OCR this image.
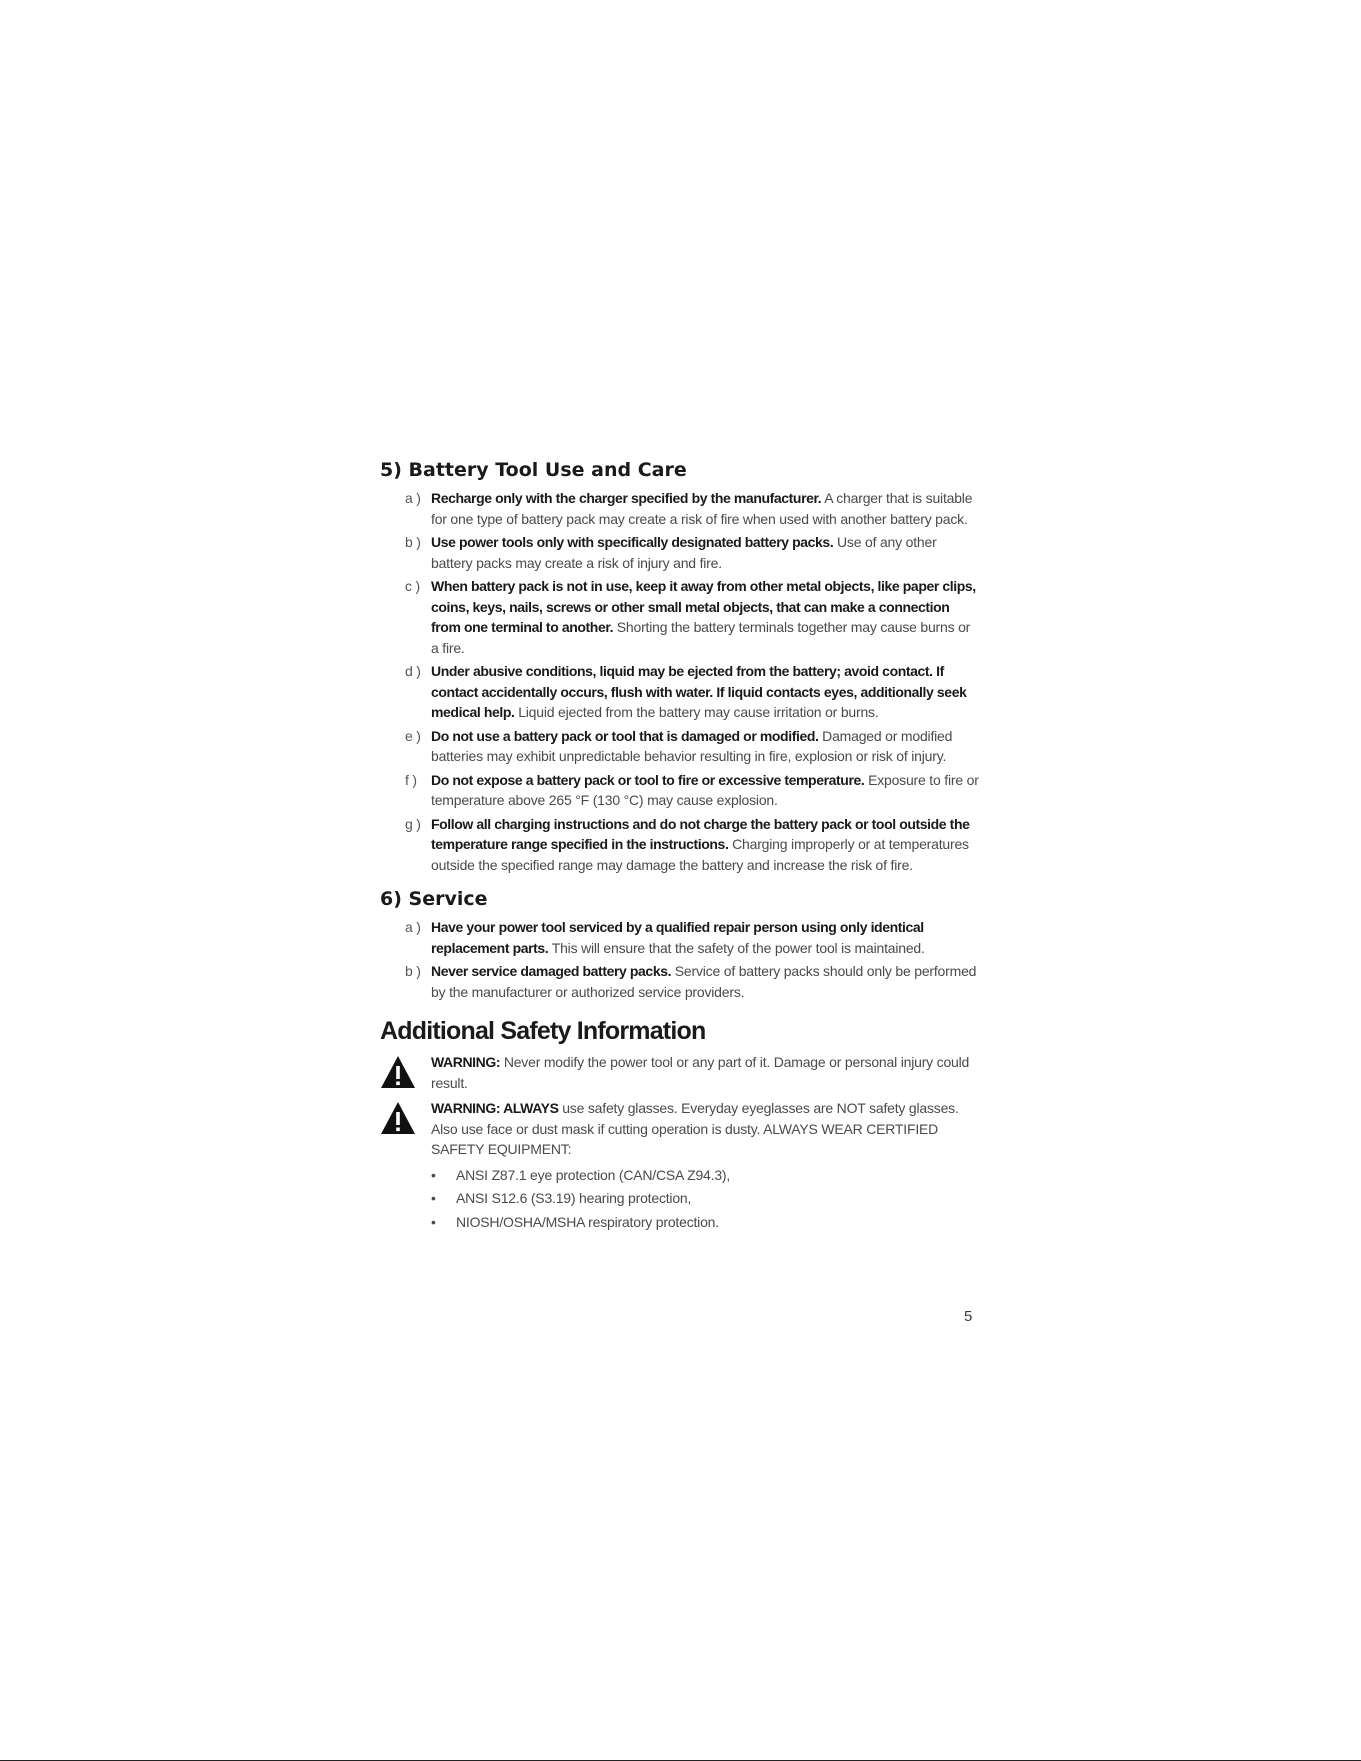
5) Battery Tool Use and Care
a ) Recharge only with the charger specified by the manufacturer. A charger that is suitable for one type of battery pack may create a risk of fire when used with another battery pack.
b ) Use power tools only with specifically designated battery packs. Use of any other battery packs may create a risk of injury and fire.
c ) When battery pack is not in use, keep it away from other metal objects, like paper clips, coins, keys, nails, screws or other small metal objects, that can make a connection from one terminal to another. Shorting the battery terminals together may cause burns or a fire.
d ) Under abusive conditions, liquid may be ejected from the battery; avoid contact. If contact accidentally occurs, flush with water. If liquid contacts eyes, additionally seek medical help. Liquid ejected from the battery may cause irritation or burns.
e ) Do not use a battery pack or tool that is damaged or modified. Damaged or modified batteries may exhibit unpredictable behavior resulting in fire, explosion or risk of injury.
f ) Do not expose a battery pack or tool to fire or excessive temperature. Exposure to fire or temperature above 265 °F (130 °C) may cause explosion.
g ) Follow all charging instructions and do not charge the battery pack or tool outside the temperature range specified in the instructions. Charging improperly or at temperatures outside the specified range may damage the battery and increase the risk of fire.
6) Service
a ) Have your power tool serviced by a qualified repair person using only identical replacement parts. This will ensure that the safety of the power tool is maintained.
b ) Never service damaged battery packs. Service of battery packs should only be performed by the manufacturer or authorized service providers.
Additional Safety Information
WARNING: Never modify the power tool or any part of it. Damage or personal injury could result.
WARNING: ALWAYS use safety glasses. Everyday eyeglasses are NOT safety glasses. Also use face or dust mask if cutting operation is dusty. ALWAYS WEAR CERTIFIED SAFETY EQUIPMENT:
• ANSI Z87.1 eye protection (CAN/CSA Z94.3),
• ANSI S12.6 (S3.19) hearing protection,
• NIOSH/OSHA/MSHA respiratory protection.
5
